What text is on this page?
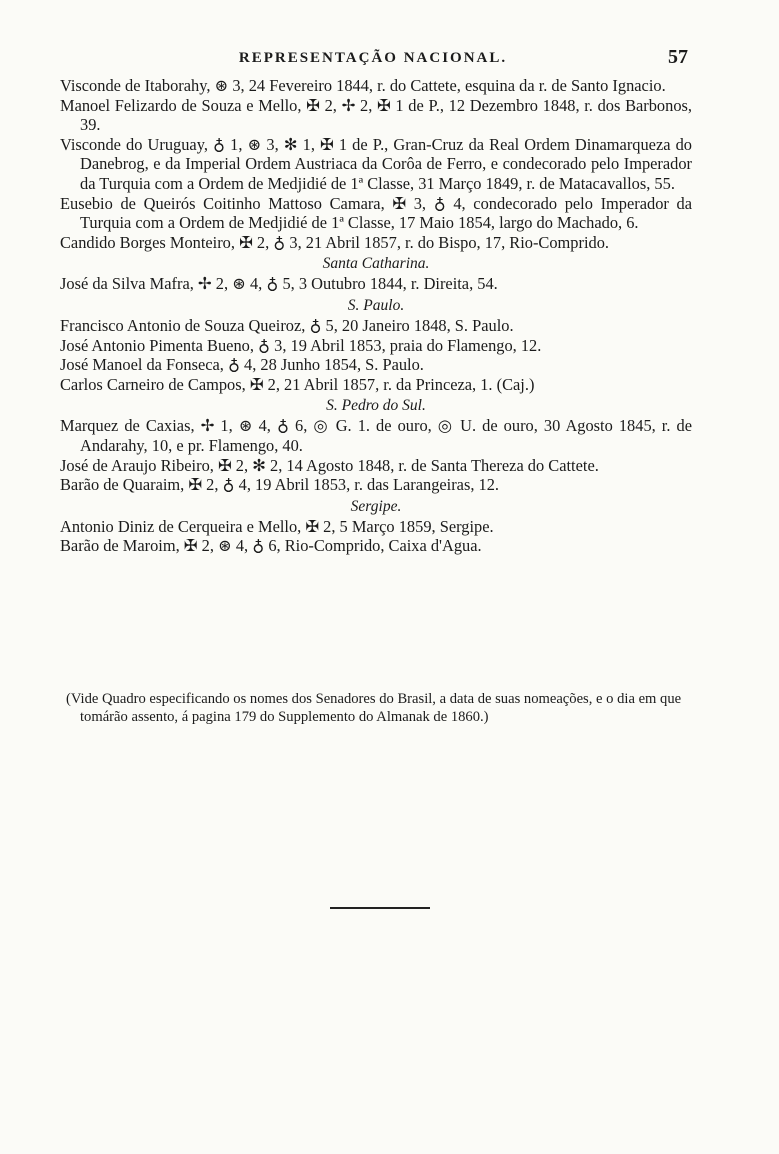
REPRESENTAÇÃO NACIONAL.	57

Visconde de Itaborahy, ⊛ 3, 24 Fevereiro 1844, r. do Cattete, esquina da r. de Santo Ignacio.

Manoel Felizardo de Souza e Mello, ✠ 2, ✢ 2, ✠ 1 de P., 12 Dezembro 1848, r. dos Barbonos, 39.

Visconde do Uruguay, ♁ 1, ⊛ 3, ✻ 1, ✠ 1 de P., Gran-Cruz da Real Ordem Dinamarqueza do Danebrog, e da Imperial Ordem Austriaca da Corôa de Ferro, e condecorado pelo Imperador da Turquia com a Ordem de Medjidié de 1ª Classe, 31 Março 1849, r. de Matacavallos, 55.

Eusebio de Queirós Coitinho Mattoso Camara, ✠ 3, ♁ 4, condecorado pelo Imperador da Turquia com a Ordem de Medjidié de 1ª Classe, 17 Maio 1854, largo do Machado, 6.

Candido Borges Monteiro, ✠ 2, ♁ 3, 21 Abril 1857, r. do Bispo, 17, Rio-Comprido.

Santa Catharina.

José da Silva Mafra, ✢ 2, ⊛ 4, ♁ 5, 3 Outubro 1844, r. Direita, 54.

S. Paulo.

Francisco Antonio de Souza Queiroz, ♁ 5, 20 Janeiro 1848, S. Paulo.

José Antonio Pimenta Bueno, ♁ 3, 19 Abril 1853, praia do Flamengo, 12.

José Manoel da Fonseca, ♁ 4, 28 Junho 1854, S. Paulo.

Carlos Carneiro de Campos, ✠ 2, 21 Abril 1857, r. da Princeza, 1. (Caj.)

S. Pedro do Sul.

Marquez de Caxias, ✢ 1, ⊛ 4, ♁ 6, ◎ G. 1. de ouro, ◎ U. de ouro, 30 Agosto 1845, r. de Andarahy, 10, e pr. Flamengo, 40.

José de Araujo Ribeiro, ✠ 2, ✻ 2, 14 Agosto 1848, r. de Santa Thereza do Cattete.

Barão de Quaraim, ✠ 2, ♁ 4, 19 Abril 1853, r. das Larangeiras, 12.

Sergipe.

Antonio Diniz de Cerqueira e Mello, ✠ 2, 5 Março 1859, Sergipe.

Barão de Maroim, ✠ 2, ⊛ 4, ♁ 6, Rio-Comprido, Caixa d'Agua.

(Vide Quadro especificando os nomes dos Senadores do Brasil, a data de suas nomeações, e o dia em que tomárão assento, á pagina 179 do Supplemento do Almanak de 1860.)
